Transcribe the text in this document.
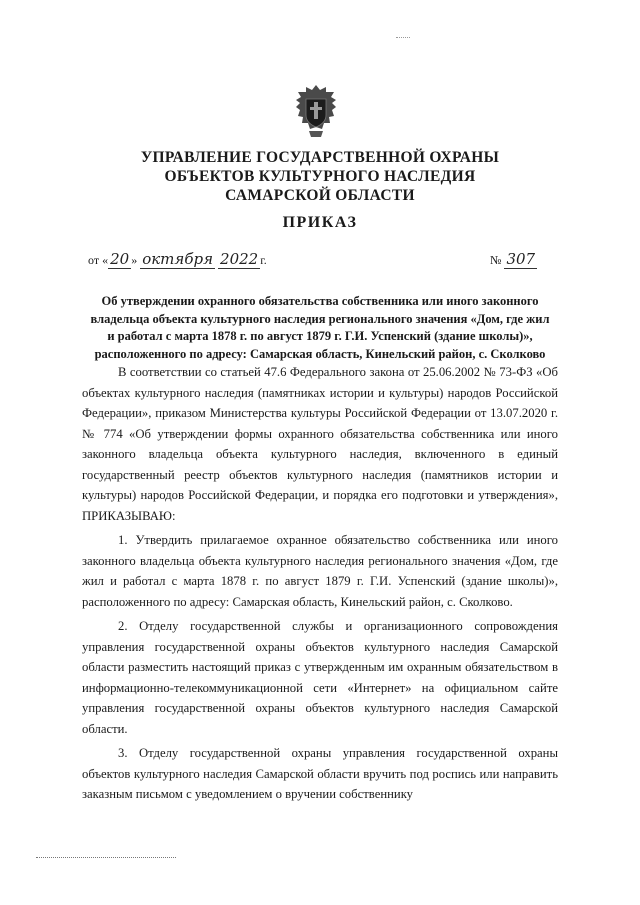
УПРАВЛЕНИЕ ГОСУДАРСТВЕННОЙ ОХРАНЫ
ОБЪЕКТОВ КУЛЬТУРНОГО НАСЛЕДИЯ
САМАРСКОЙ ОБЛАСТИ
ПРИКАЗ
от « 20 » октября 2022 г.	№ 307
Об утверждении охранного обязательства собственника или иного законного
владельца объекта культурного наследия регионального значения «Дом, где жил
и работал с марта 1878 г. по август 1879 г. Г.И. Успенский (здание школы)»,
расположенного по адресу: Самарская область, Кинельский район, с. Сколково

В соответствии со статьей 47.6 Федерального закона от 25.06.2002 № 73-ФЗ «Об объектах культурного наследия (памятниках истории и культуры) народов Российской Федерации», приказом Министерства культуры Российской Федерации от 13.07.2020 г. № 774 «Об утверждении формы охранного обязательства собственника или иного законного владельца объекта культурного наследия, включенного в единый государственный реестр объектов культурного наследия (памятников истории и культуры) народов Российской Федерации, и порядка его подготовки и утверждения», ПРИКАЗЫВАЮ:

1. Утвердить прилагаемое охранное обязательство собственника или иного законного владельца объекта культурного наследия регионального значения «Дом, где жил и работал с марта 1878 г. по август 1879 г. Г.И. Успенский (здание школы)», расположенного по адресу: Самарская область, Кинельский район, с. Сколково.

2. Отделу государственной службы и организационного сопровождения управления государственной охраны объектов культурного наследия Самарской области разместить настоящий приказ с утвержденным им охранным обязательством в информационно-телекоммуникационной сети «Интернет» на официальном сайте управления государственной охраны объектов культурного наследия Самарской области.

3. Отделу государственной охраны управления государственной охраны объектов культурного наследия Самарской области вручить под роспись или направить заказным письмом с уведомлением о вручении собственнику
